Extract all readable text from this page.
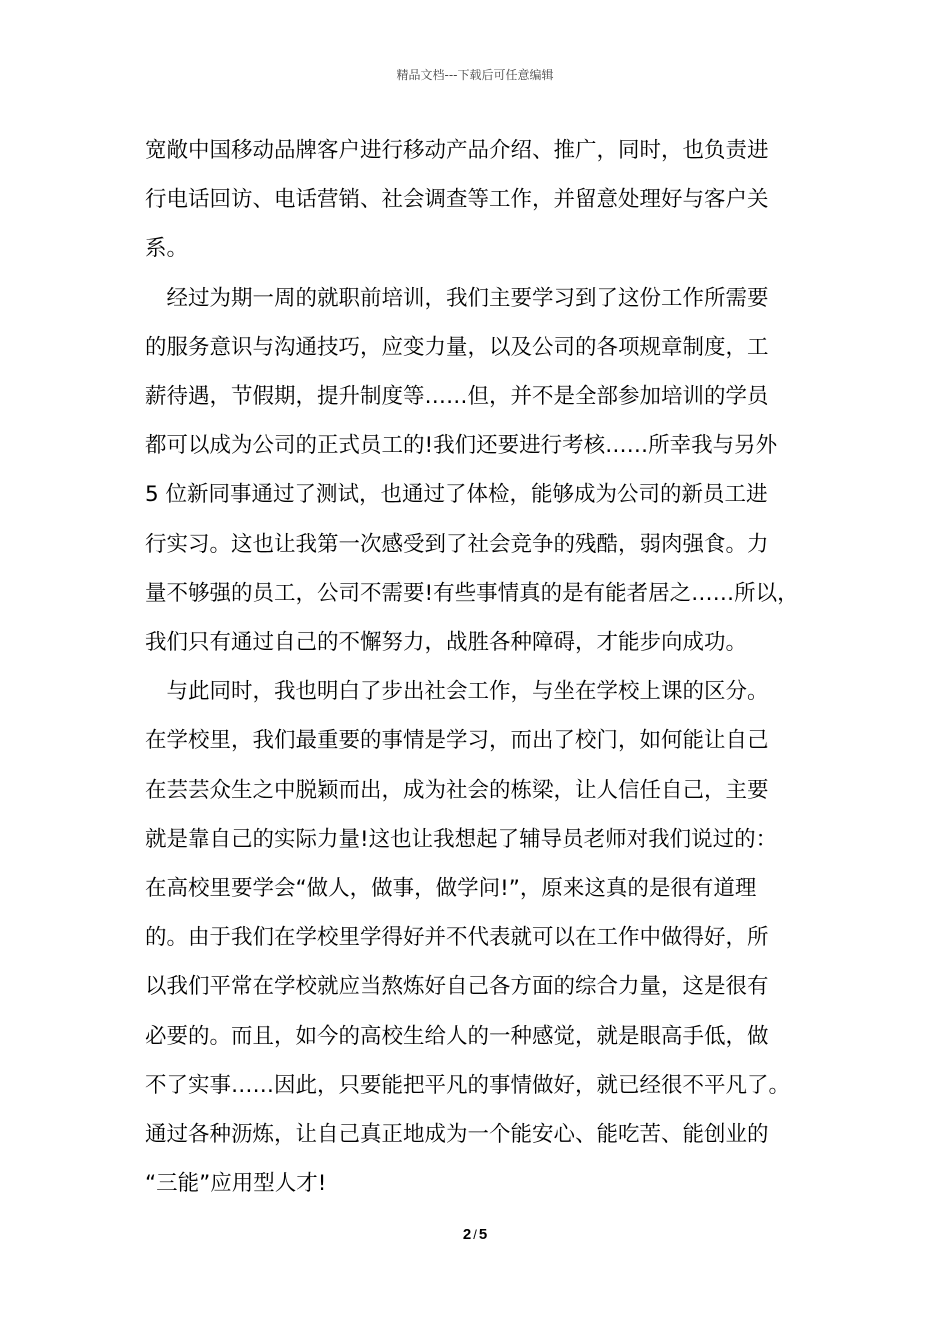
精品文档---下载后可任意编辑
宽敞中国移动品牌客户进行移动产品介绍、推广，同时，也负责进
行电话回访、电话营销、社会调查等工作，并留意处理好与客户关
系。
　经过为期一周的就职前培训，我们主要学习到了这份工作所需要
的服务意识与沟通技巧，应变力量，以及公司的各项规章制度，工
薪待遇，节假期，提升制度等……但，并不是全部参加培训的学员
都可以成为公司的正式员工的!我们还要进行考核……所幸我与另外
5 位新同事通过了测试，也通过了体检，能够成为公司的新员工进
行实习。这也让我第一次感受到了社会竞争的残酷，弱肉强食。力
量不够强的员工，公司不需要!有些事情真的是有能者居之……所以，
我们只有通过自己的不懈努力，战胜各种障碍，才能步向成功。
　与此同时，我也明白了步出社会工作，与坐在学校上课的区分。
在学校里，我们最重要的事情是学习，而出了校门，如何能让自己
在芸芸众生之中脱颖而出，成为社会的栋梁，让人信任自己，主要
就是靠自己的实际力量!这也让我想起了辅导员老师对我们说过的：
在高校里要学会“做人，做事，做学问!”，原来这真的是很有道理
的。由于我们在学校里学得好并不代表就可以在工作中做得好，所
以我们平常在学校就应当熬炼好自己各方面的综合力量，这是很有
必要的。而且，如今的高校生给人的一种感觉，就是眼高手低，做
不了实事……因此，只要能把平凡的事情做好，就已经很不平凡了。
通过各种沥炼，让自己真正地成为一个能安心、能吃苦、能创业的
“三能”应用型人才!
2 / 5
